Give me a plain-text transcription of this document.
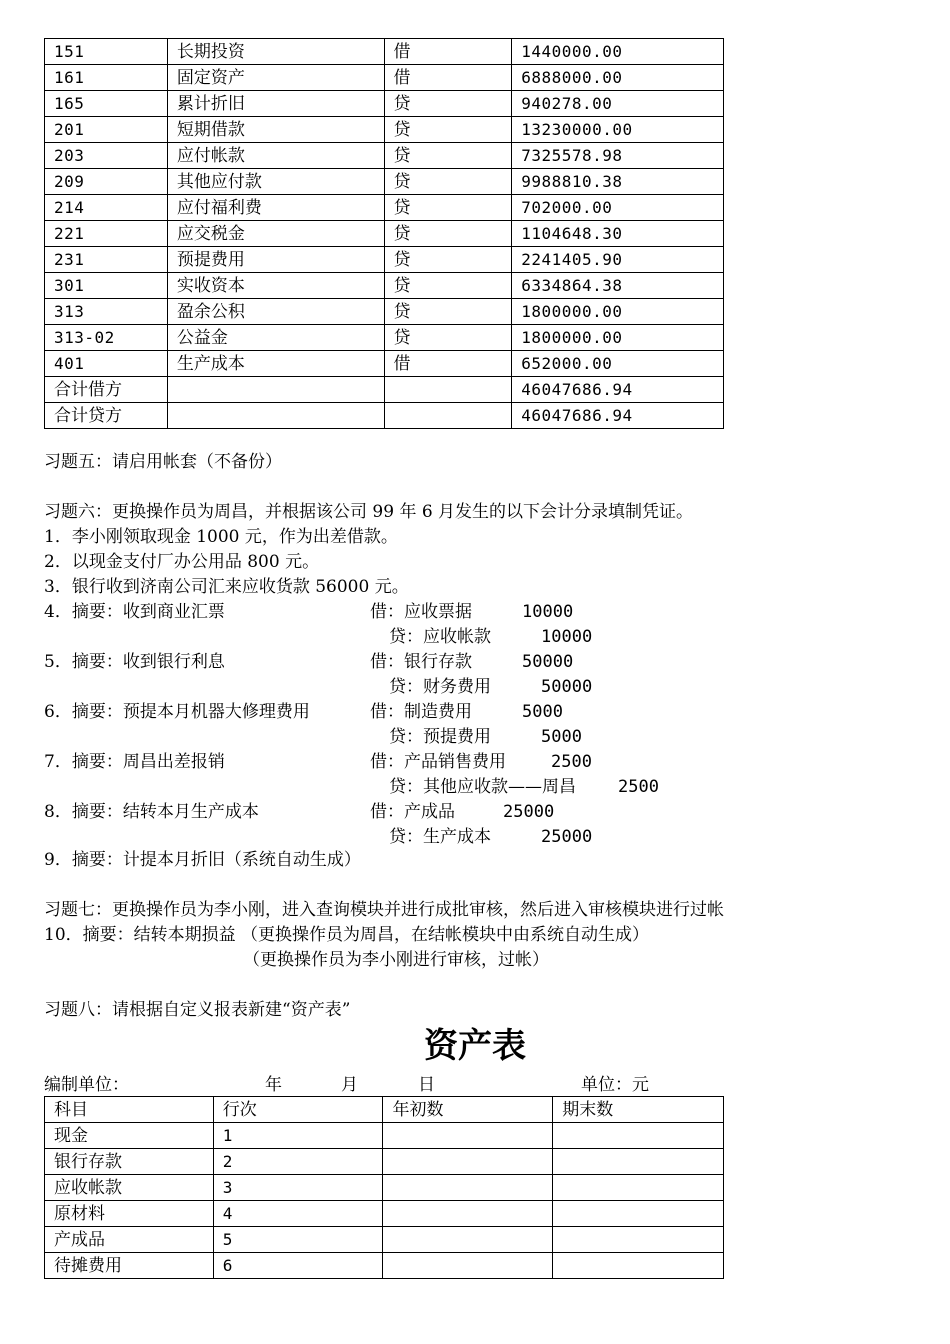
151	长期投资	借	1440000.00
161	固定资产	借	6888000.00
165	累计折旧	贷	940278.00
201	短期借款	贷	13230000.00
203	应付帐款	贷	7325578.98
209	其他应付款	贷	9988810.38
214	应付福利费	贷	702000.00
221	应交税金	贷	1104648.30
231	预提费用	贷	2241405.90
301	实收资本	贷	6334864.38
313	盈余公积	贷	1800000.00
313-02	公益金	贷	1800000.00
401	生产成本	借	652000.00
合计借方			46047686.94
合计贷方			46047686.94
习题五：请启用帐套（不备份）
习题六：更换操作员为周昌，并根据该公司 99 年 6 月发生的以下会计分录填制凭证。
1．李小刚领取现金 1000 元，作为出差借款。
2．以现金支付厂办公用品 800 元。
3．银行收到济南公司汇来应收货款 56000 元。
4．摘要：收到商业汇票	借：应收票据	10000
贷：应收帐款	10000
5．摘要：收到银行利息	借：银行存款	50000
贷：财务费用	50000
6．摘要：预提本月机器大修理费用	借：制造费用	5000
贷：预提费用	5000
7．摘要：周昌出差报销	借：产品销售费用	2500
贷：其他应收款——周昌 2500
8．摘要：结转本月生产成本	借：产成品	25000
贷：生产成本	25000
9．摘要：计提本月折旧（系统自动生成）
习题七：更换操作员为李小刚，进入查询模块并进行成批审核，然后进入审核模块进行过帐
10．摘要：结转本期损益 （更换操作员为周昌，在结帐模块中由系统自动生成）
（更换操作员为李小刚进行审核，过帐）
习题八：请根据自定义报表新建“资产表”
资产表
编制单位：	年	月	日	单位：元
科目	行次	年初数	期末数
现金	1		
银行存款	2		
应收帐款	3		
原材料	4		
产成品	5		
待摊费用	6		
